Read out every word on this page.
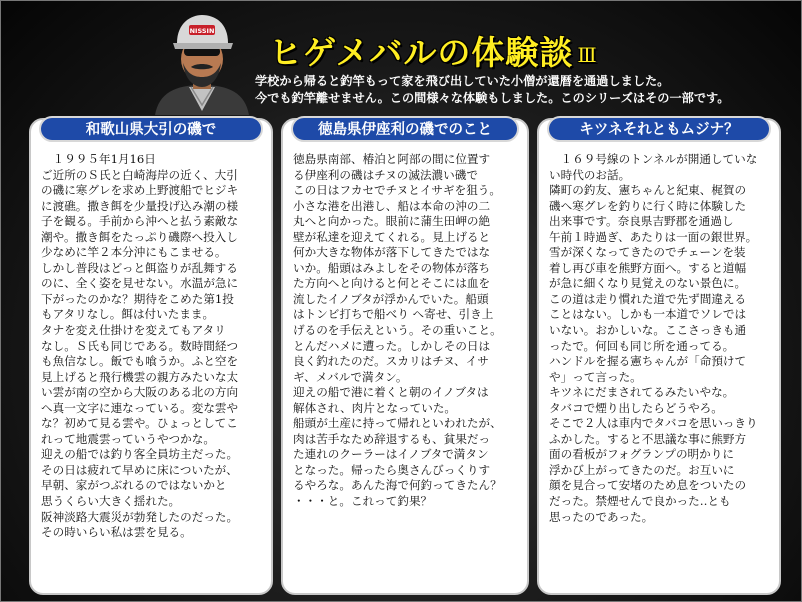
NISSIN
ヒゲメバルの体験談 Ⅲ
学校から帰ると釣竿もって家を飛び出していた小僧が還暦を通過しました。
今でも釣竿離せません。この間様々な体験もしました。このシリーズはその一部です。
和歌山県大引の磯で
　１９９５年1月16日
ご近所のＳ氏と白崎海岸の近く、大引
の磯に寒グレを求め上野渡船でヒジキ
に渡礁。撒き餌を少量投げ込み潮の様
子を観る。手前から沖へと払う素敵な
潮や。撒き餌をたっぷり磯際へ投入し
少なめに竿２本分沖にもこませる。
しかし普段はどっと餌盗りが乱舞する
のに、全く姿を見せない。水温が急に
下がったのかな？期待をこめた第1投
もアタリなし。餌は付いたまま。
タナを変え仕掛けを変えてもアタリ
なし。Ｓ氏も同じである。数時間経つ
も魚信なし。飯でも喰うか。ふと空を
見上げると飛行機雲の親方みたいな太
い雲が南の空から大阪のある北の方向
へ真一文字に連なっている。変な雲や
な？初めて見る雲や。ひょっとしてこ
れって地震雲っていうやつかな。
迎えの船では釣り客全員坊主だった。
その日は疲れて早めに床についたが、
早朝、家がつぶれるのではないかと
思うくらい大きく揺れた。
阪神淡路大震災が勃発したのだった。
その時いらい私は雲を見る。
徳島県伊座利の磯でのこと
徳島県南部、椿泊と阿部の間に位置す
る伊座利の磯はチヌの滅法濃い磯で
この日はフカセでチヌとイサギを狙う。
小さな港を出港し、船は本命の沖の二
丸へと向かった。眼前に蒲生田岬の絶
壁が私達を迎えてくれる。見上げると
何か大きな物体が落下してきたではな
いか。船頭はみよしをその物体が落ち
た方向へと向けると何とそこには血を
流したイノブタが浮かんでいた。船頭
はトンビ打ちで船べり へ寄せ、引き上
げるのを手伝えという。その重いこと。
とんだハメに遭った。しかしその日は
良く釣れたのだ。スカリはチヌ、イサ
ギ、メバルで満タン。
迎えの船で港に着くと朝のイノブタは
解体され、肉片となっていた。
船頭が土産に持って帰れといわれたが、
肉は苦手なため辞退するも、貧果だっ
た連れのクーラーはイノブタで満タン
となった。帰ったら奥さんびっくりす
るやろな。あんた海で何釣ってきたん？
・・・と。これって釣果？
キツネそれともムジナ？
　１６９号線のトンネルが開通していな
い時代のお話。
隣町の釣友、憲ちゃんと紀東、梶賀の
磯へ寒グレを釣りに行く時に体験した
出来事です。奈良県吉野郡を通過し
午前１時過ぎ、あたりは一面の銀世界。
雪が深くなってきたのでチェーンを装
着し再び車を熊野方面へ。すると道幅
が急に細くなり見覚えのない景色に。
この道は走り慣れた道で先ず間違える
ことはない。しかも一本道でソレでは
いない。おかしいな。ここさっきも通
ったで。何回も同じ所を通ってる。
ハンドルを握る憲ちゃんが「命預けて
や」って言った。
キツネにだまされてるみたいやな。
タバコで煙り出したらどうやろ。
そこで２人は車内でタバコを思いっきり
ふかした。すると不思議な事に熊野方
面の看板がフォグランプの明かりに
浮かび上がってきたのだ。お互いに
顔を見合って安堵のため息をついたの
だった。禁煙せんで良かった‥とも
思ったのであった。
